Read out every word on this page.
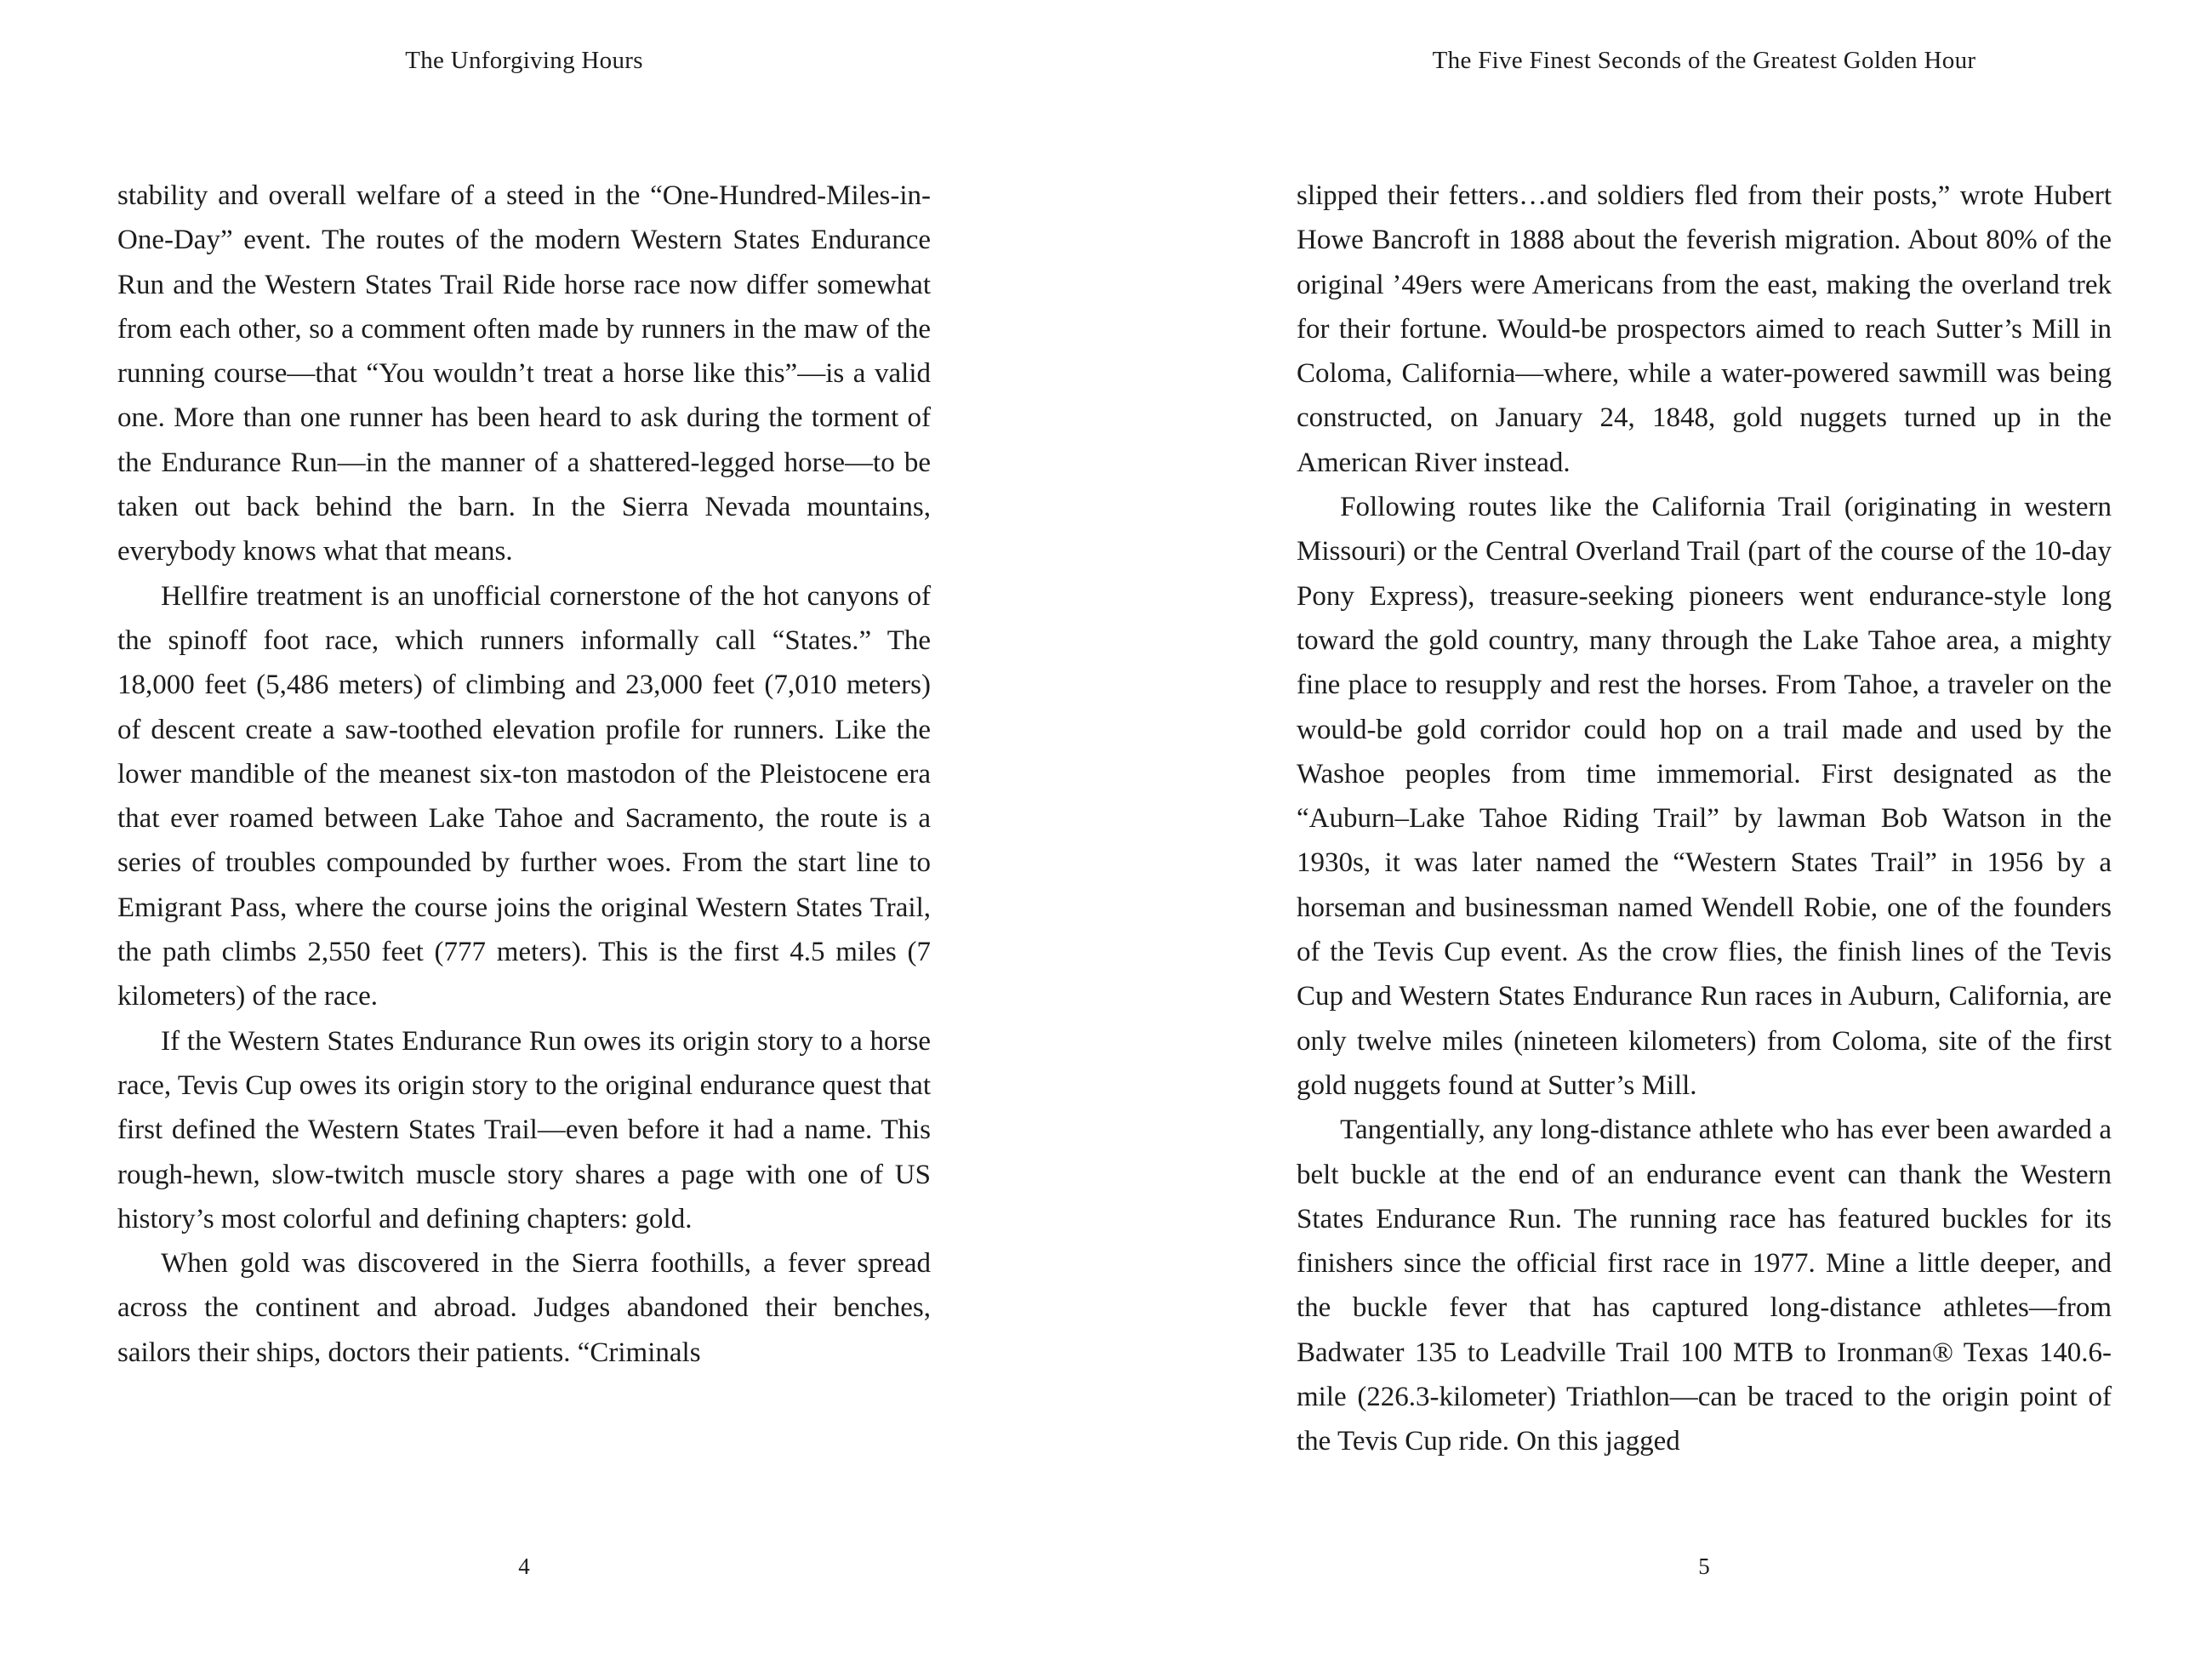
The Unforgiving Hours

stability and overall welfare of a steed in the “One-Hundred-Miles-in-One-Day” event. The routes of the modern Western States Endurance Run and the Western States Trail Ride horse race now differ somewhat from each other, so a comment often made by runners in the maw of the running course—that “You wouldn’t treat a horse like this”—is a valid one. More than one runner has been heard to ask during the torment of the Endurance Run—in the manner of a shattered-legged horse—to be taken out back behind the barn. In the Sierra Nevada mountains, everybody knows what that means.

Hellfire treatment is an unofficial cornerstone of the hot canyons of the spinoff foot race, which runners informally call “States.” The 18,000 feet (5,486 meters) of climbing and 23,000 feet (7,010 meters) of descent create a saw-toothed elevation profile for runners. Like the lower mandible of the meanest six-ton mastodon of the Pleistocene era that ever roamed between Lake Tahoe and Sacramento, the route is a series of troubles compounded by further woes. From the start line to Emigrant Pass, where the course joins the original Western States Trail, the path climbs 2,550 feet (777 meters). This is the first 4.5 miles (7 kilometers) of the race.

If the Western States Endurance Run owes its origin story to a horse race, Tevis Cup owes its origin story to the original endurance quest that first defined the Western States Trail—even before it had a name. This rough-hewn, slow-twitch muscle story shares a page with one of US history’s most colorful and defining chapters: gold.

When gold was discovered in the Sierra foothills, a fever spread across the continent and abroad. Judges abandoned their benches, sailors their ships, doctors their patients. “Criminals

4
The Five Finest Seconds of the Greatest Golden Hour

slipped their fetters…and soldiers fled from their posts,” wrote Hubert Howe Bancroft in 1888 about the feverish migration. About 80% of the original ’49ers were Americans from the east, making the overland trek for their fortune. Would-be prospectors aimed to reach Sutter’s Mill in Coloma, California—where, while a water-powered sawmill was being constructed, on January 24, 1848, gold nuggets turned up in the American River instead.

Following routes like the California Trail (originating in western Missouri) or the Central Overland Trail (part of the course of the 10-day Pony Express), treasure-seeking pioneers went endurance-style long toward the gold country, many through the Lake Tahoe area, a mighty fine place to resupply and rest the horses. From Tahoe, a traveler on the would-be gold corridor could hop on a trail made and used by the Washoe peoples from time immemorial. First designated as the “Auburn–Lake Tahoe Riding Trail” by lawman Bob Watson in the 1930s, it was later named the “Western States Trail” in 1956 by a horseman and businessman named Wendell Robie, one of the founders of the Tevis Cup event. As the crow flies, the finish lines of the Tevis Cup and Western States Endurance Run races in Auburn, California, are only twelve miles (nineteen kilometers) from Coloma, site of the first gold nuggets found at Sutter’s Mill.

Tangentially, any long-distance athlete who has ever been awarded a belt buckle at the end of an endurance event can thank the Western States Endurance Run. The running race has featured buckles for its finishers since the official first race in 1977. Mine a little deeper, and the buckle fever that has captured long-distance athletes—from Badwater 135 to Leadville Trail 100 MTB to Ironman® Texas 140.6-mile (226.3-kilometer) Triathlon—can be traced to the origin point of the Tevis Cup ride. On this jagged

5
